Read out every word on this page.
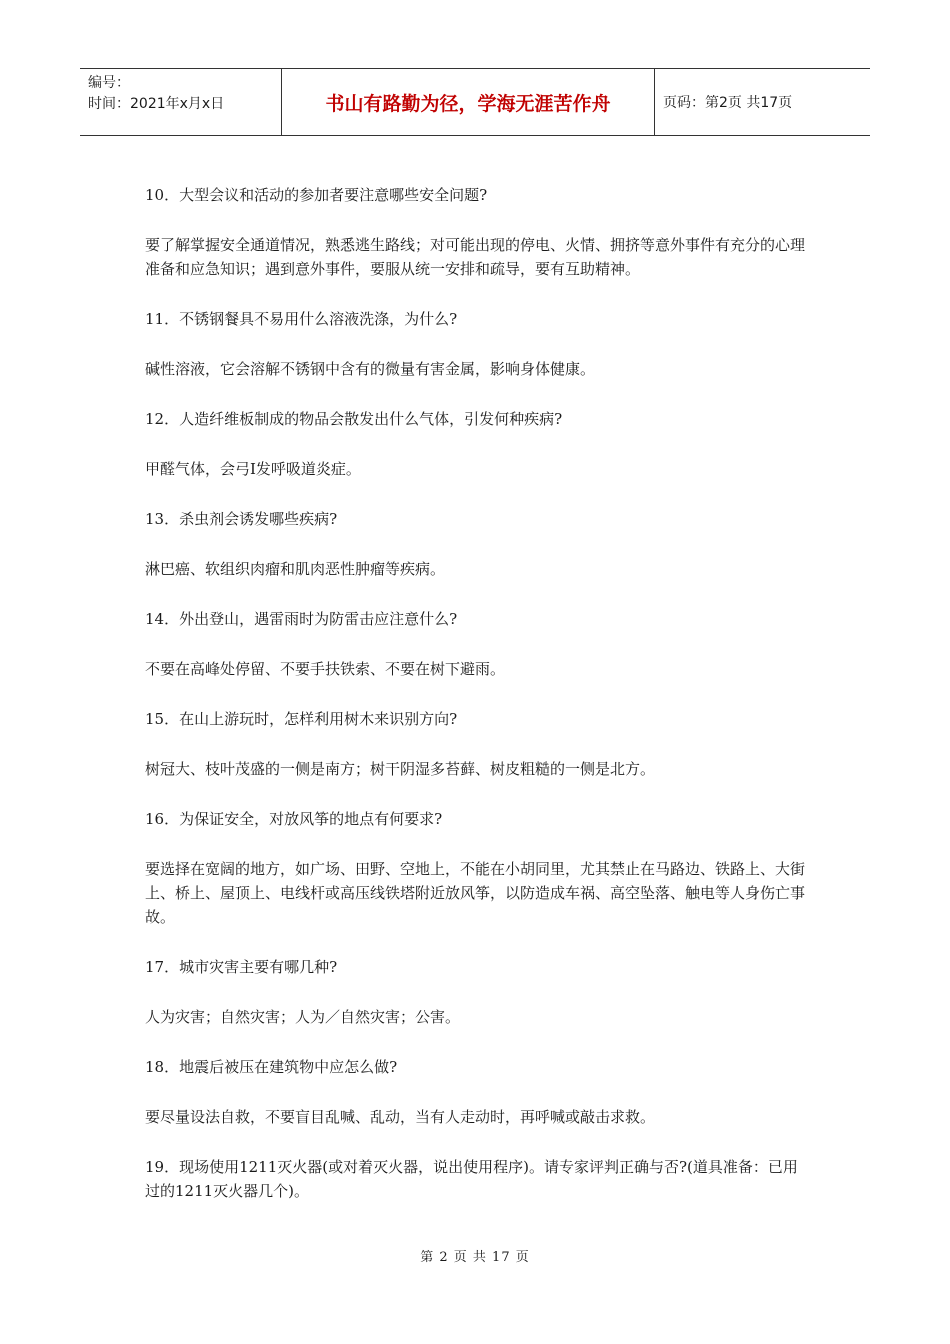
编号：
时间：2021年x月x日	书山有路勤为径，学海无涯苦作舟	页码：第2页 共17页

10．大型会议和活动的参加者要注意哪些安全问题?

要了解掌握安全通道情况，熟悉逃生路线；对可能出现的停电、火情、拥挤等意外事件有充分的心理准备和应急知识；遇到意外事件，要服从统一安排和疏导，要有互助精神。

11．不锈钢餐具不易用什么溶液洗涤，为什么?

碱性溶液，它会溶解不锈钢中含有的微量有害金属，影响身体健康。

12．人造纤维板制成的物品会散发出什么气体，引发何种疾病?

甲醛气体，会弓I发呼吸道炎症。

13．杀虫剂会诱发哪些疾病?

淋巴癌、软组织肉瘤和肌肉恶性肿瘤等疾病。

14．外出登山，遇雷雨时为防雷击应注意什么?

不要在高峰处停留、不要手扶铁索、不要在树下避雨。

15．在山上游玩时，怎样利用树木来识别方向?

树冠大、枝叶茂盛的一侧是南方；树干阴湿多苔藓、树皮粗糙的一侧是北方。

16．为保证安全，对放风筝的地点有何要求?

要选择在宽阔的地方，如广场、田野、空地上，不能在小胡同里，尤其禁止在马路边、铁路上、大街上、桥上、屋顶上、电线杆或高压线铁塔附近放风筝，以防造成车祸、高空坠落、触电等人身伤亡事故。

17．城市灾害主要有哪几种?

人为灾害；自然灾害；人为／自然灾害；公害。

18．地震后被压在建筑物中应怎么做?

要尽量设法自救，不要盲目乱喊、乱动，当有人走动时，再呼喊或敲击求救。

19．现场使用1211灭火器(或对着灭火器，说出使用程序)。请专家评判正确与否?(道具准备：已用过的1211灭火器几个)。

第 2 页 共 17 页
